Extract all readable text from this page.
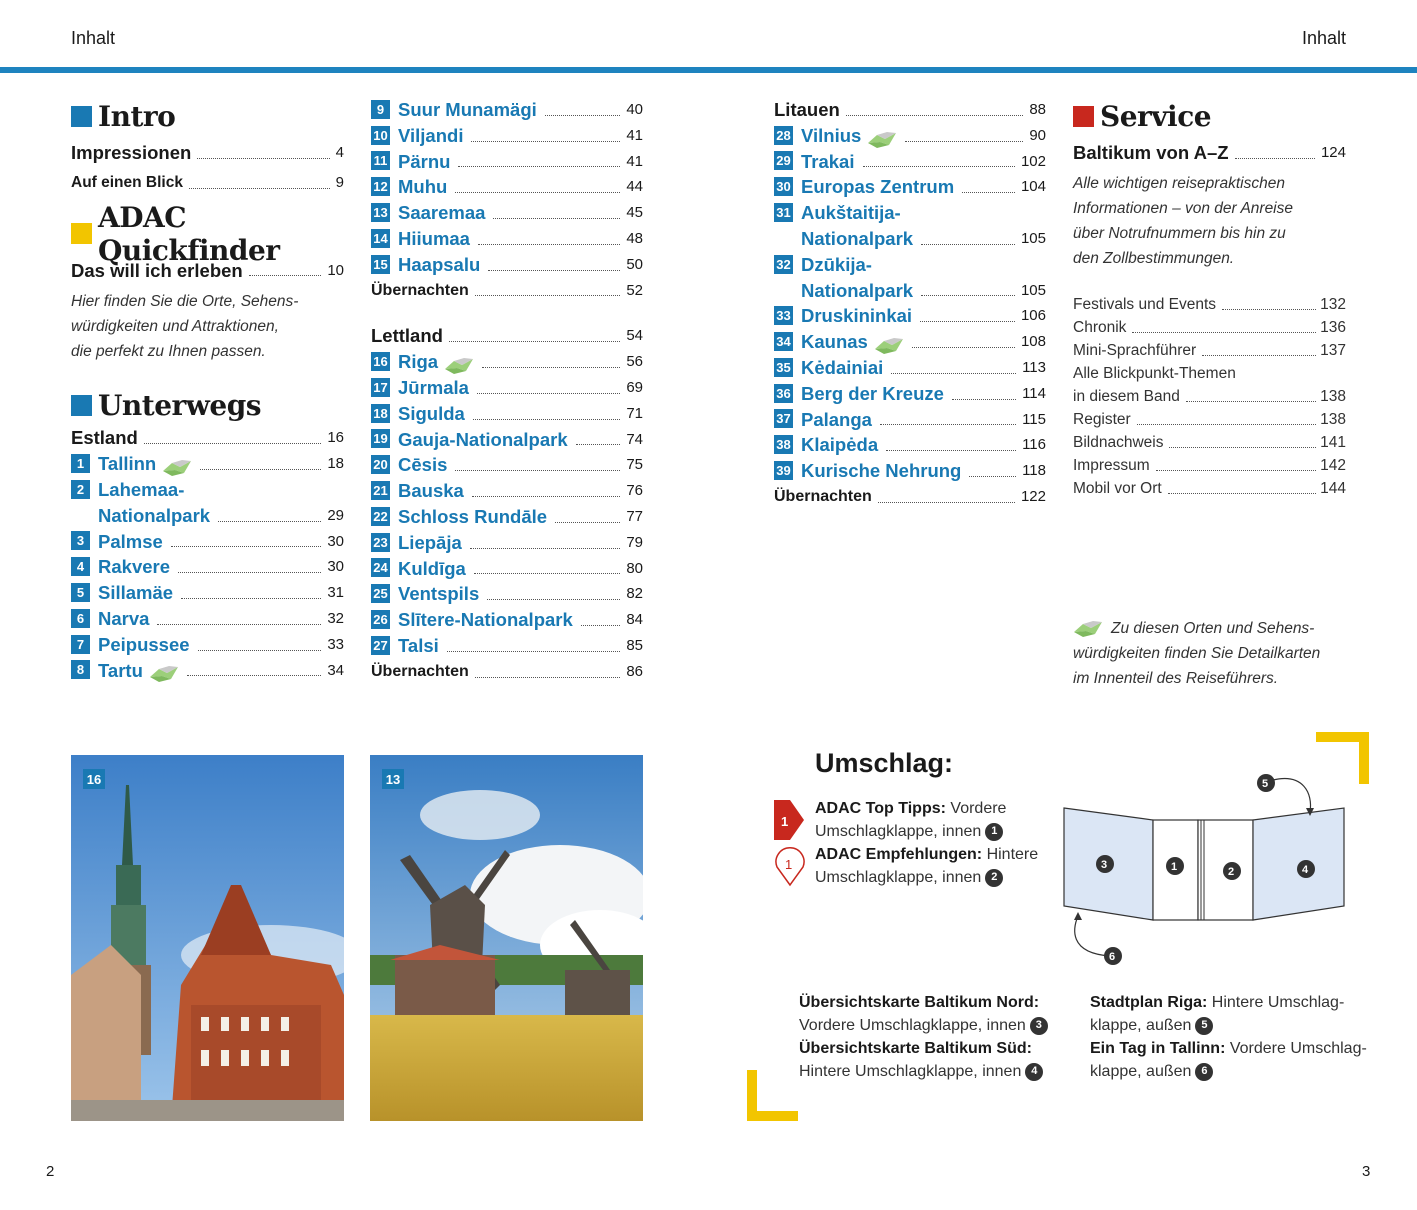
Inhalt	Inhalt
Intro
Impressionen	4
Auf einen Blick	9
ADAC Quickfinder
Das will ich erleben	10
Hier finden Sie die Orte, Sehens-
würdigkeiten und Attraktionen,
die perfekt zu Ihnen passen.
Unterwegs
Estland	16
1 Tallinn	18
2 Lahemaa-
Nationalpark	29
3 Palmse	30
4 Rakvere	30
5 Sillamäe	31
6 Narva	32
7 Peipussee	33
8 Tartu	34
9 Suur Munamägi	40
10 Viljandi	41
11 Pärnu	41
12 Muhu	44
13 Saaremaa	45
14 Hiiumaa	48
15 Haapsalu	50
Übernachten	52
Lettland	54
16 Riga	56
17 Jūrmala	69
18 Sigulda	71
19 Gauja-Nationalpark	74
20 Cēsis	75
21 Bauska	76
22 Schloss Rundāle	77
23 Liepāja	79
24 Kuldīga	80
25 Ventspils	82
26 Slītere-Nationalpark	84
27 Talsi	85
Übernachten	86
Litauen	88
28 Vilnius	90
29 Trakai	102
30 Europas Zentrum	104
31 Aukštaitija-
Nationalpark	105
32 Dzūkija-
Nationalpark	105
33 Druskininkai	106
34 Kaunas	108
35 Kėdainiai	113
36 Berg der Kreuze	114
37 Palanga	115
38 Klaipėda	116
39 Kurische Nehrung	118
Übernachten	122
Service
Baltikum von A–Z	124
Alle wichtigen reisepraktischen
Informationen – von der Anreise
über Notrufnummern bis hin zu
den Zollbestimmungen.
Festivals und Events	132
Chronik	136
Mini-Sprachführer	137
Alle Blickpunkt-Themen
in diesem Band	138
Register	138
Bildnachweis	141
Impressum	142
Mobil vor Ort	144
Zu diesen Orten und Sehens-
würdigkeiten finden Sie Detailkarten
im Innenteil des Reiseführers.
16	13
Umschlag:
1
ADAC Top Tipps: Vordere
Umschlagklappe, innen 1
1
ADAC Empfehlungen: Hintere
Umschlagklappe, innen 2
3	1	2	4
5
6
Übersichtskarte Baltikum Nord:
Vordere Umschlagklappe, innen 3
Übersichtskarte Baltikum Süd:
Hintere Umschlagklappe, innen 4
Stadtplan Riga: Hintere Umschlag-
klappe, außen 5
Ein Tag in Tallinn: Vordere Umschlag-
klappe, außen 6
2	3
